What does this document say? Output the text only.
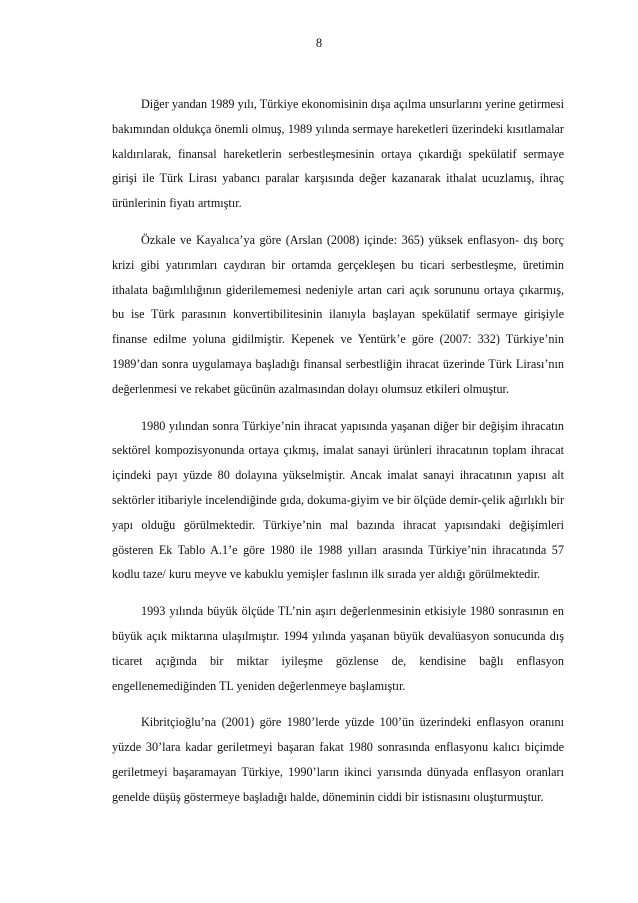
8

Diğer yandan 1989 yılı, Türkiye ekonomisinin dışa açılma unsurlarını yerine getirmesi bakımından oldukça önemli olmuş, 1989 yılında sermaye hareketleri üzerindeki kısıtlamalar kaldırılarak, finansal hareketlerin serbestleşmesinin ortaya çıkardığı spekülatif sermaye girişi ile Türk Lirası yabancı paralar karşısında değer kazanarak ithalat ucuzlamış, ihraç ürünlerinin fiyatı artmıştır.

Özkale ve Kayalıca’ya göre (Arslan (2008) içinde: 365) yüksek enflasyon- dış borç krizi gibi yatırımları caydıran bir ortamda gerçekleşen bu ticari serbestleşme, üretimin ithalata bağımlılığının giderilememesi nedeniyle artan cari açık sorununu ortaya çıkarmış, bu ise Türk parasının konvertibilitesinin ilanıyla başlayan spekülatif sermaye girişiyle finanse edilme yoluna gidilmiştir. Kepenek ve Yentürk’e göre (2007: 332) Türkiye’nin 1989’dan sonra uygulamaya başladığı finansal serbestliğin ihracat üzerinde Türk Lirası’nın değerlenmesi ve rekabet gücünün azalmasından dolayı olumsuz etkileri olmuştur.

1980 yılından sonra Türkiye’nin ihracat yapısında yaşanan diğer bir değişim ihracatın sektörel kompozisyonunda ortaya çıkmış, imalat sanayi ürünleri ihracatının toplam ihracat içindeki payı yüzde 80 dolayına yükselmiştir. Ancak imalat sanayi ihracatının yapısı alt sektörler itibariyle incelendiğinde gıda, dokuma-giyim ve bir ölçüde demir-çelik ağırlıklı bir yapı olduğu görülmektedir. Türkiye’nin mal bazında ihracat yapısındaki değişimleri gösteren Ek Tablo A.1’e göre 1980 ile 1988 yılları arasında Türkiye’nin ihracatında 57 kodlu taze/ kuru meyve ve kabuklu yemişler faslının ilk sırada yer aldığı görülmektedir.

1993 yılında büyük ölçüde TL’nin aşırı değerlenmesinin etkisiyle 1980 sonrasının en büyük açık miktarına ulaşılmıştır. 1994 yılında yaşanan büyük devalüasyon sonucunda dış ticaret açığında bir miktar iyileşme gözlense de, kendisine bağlı enflasyon engellenemediğinden TL yeniden değerlenmeye başlamıştır.

Kibritçioğlu’na (2001) göre 1980’lerde yüzde 100’ün üzerindeki enflasyon oranını yüzde 30’lara kadar geriletmeyi başaran fakat 1980 sonrasında enflasyonu kalıcı biçimde geriletmeyi başaramayan Türkiye, 1990’ların ikinci yarısında dünyada enflasyon oranları genelde düşüş göstermeye başladığı halde, döneminin ciddi bir istisnasını oluşturmuştur.
